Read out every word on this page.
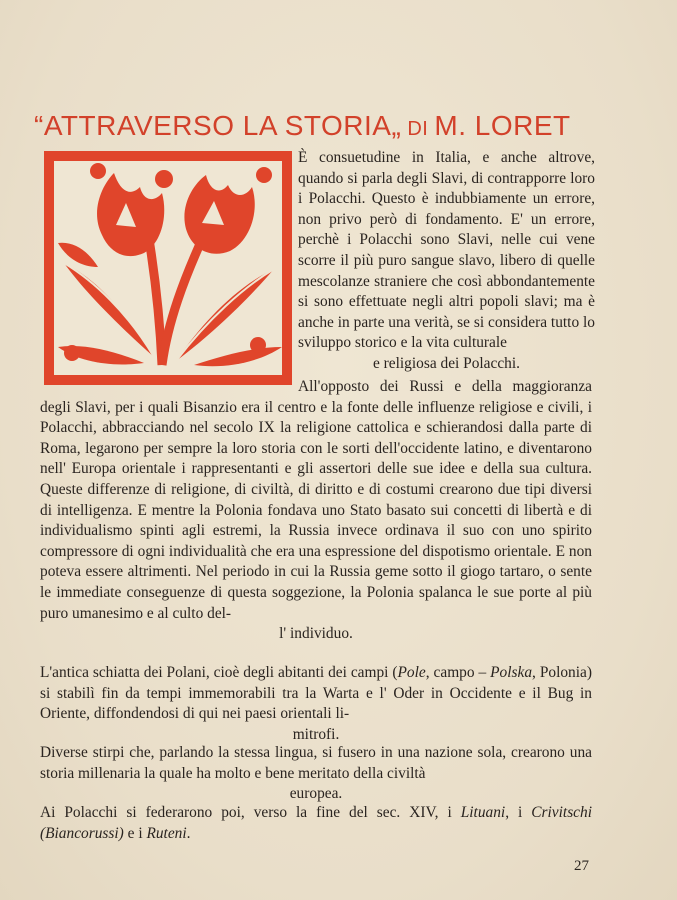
“ATTRAVERSO LA STORIA„ DI M. LORET

È consuetudine in Italia, e anche altrove, quando si parla degli Slavi, di contrapporre loro i Polacchi. Questo è indubbiamente un errore, non privo però di fondamento. E' un errore, perchè i Polacchi sono Slavi, nelle cui vene scorre il più puro sangue slavo, libero di quelle mescolanze straniere che così abbondantemente si sono effettuate negli altri popoli slavi; ma è anche in parte una verità, se si considera tutto lo sviluppo storico e la vita culturale
e religiosa dei Polacchi.

All'opposto dei Russi e della maggioranza degli Slavi, per i quali Bisanzio era il centro e la fonte delle influenze religiose e civili, i Polacchi, abbracciando nel secolo IX la religione cattolica e schierandosi dalla parte di Roma, legarono per sempre la loro storia con le sorti dell'occidente latino, e diventarono nell' Europa orientale i rappresentanti e gli assertori delle sue idee e della sua cultura. Queste differenze di religione, di civiltà, di diritto e di costumi crearono due tipi diversi di intelligenza. E mentre la Polonia fondava uno Stato basato sui concetti di libertà e di individualismo spinti agli estremi, la Russia invece ordinava il suo con uno spirito compressore di ogni individualità che era una espressione del dispotismo orientale. E non poteva essere altrimenti. Nel periodo in cui la Russia geme sotto il giogo tartaro, o sente le immediate conseguenze di questa soggezione, la Polonia spalanca le sue porte al più puro umanesimo e al culto del-
l' individuo.

L'antica schiatta dei Polani, cioè degli abitanti dei campi (Pole, campo – Polska, Polonia) si stabilì fin da tempi immemorabili tra la Warta e l' Oder in Occidente e il Bug in Oriente, diffondendosi di qui nei paesi orientali li-
mitrofi.

Diverse stirpi che, parlando la stessa lingua, si fusero in una nazione sola, crearono una storia millenaria la quale ha molto e bene meritato della civiltà
europea.

Ai Polacchi si federarono poi, verso la fine del sec. XIV, i Lituani, i Crivitschi (Biancorussi) e i Ruteni.

27
